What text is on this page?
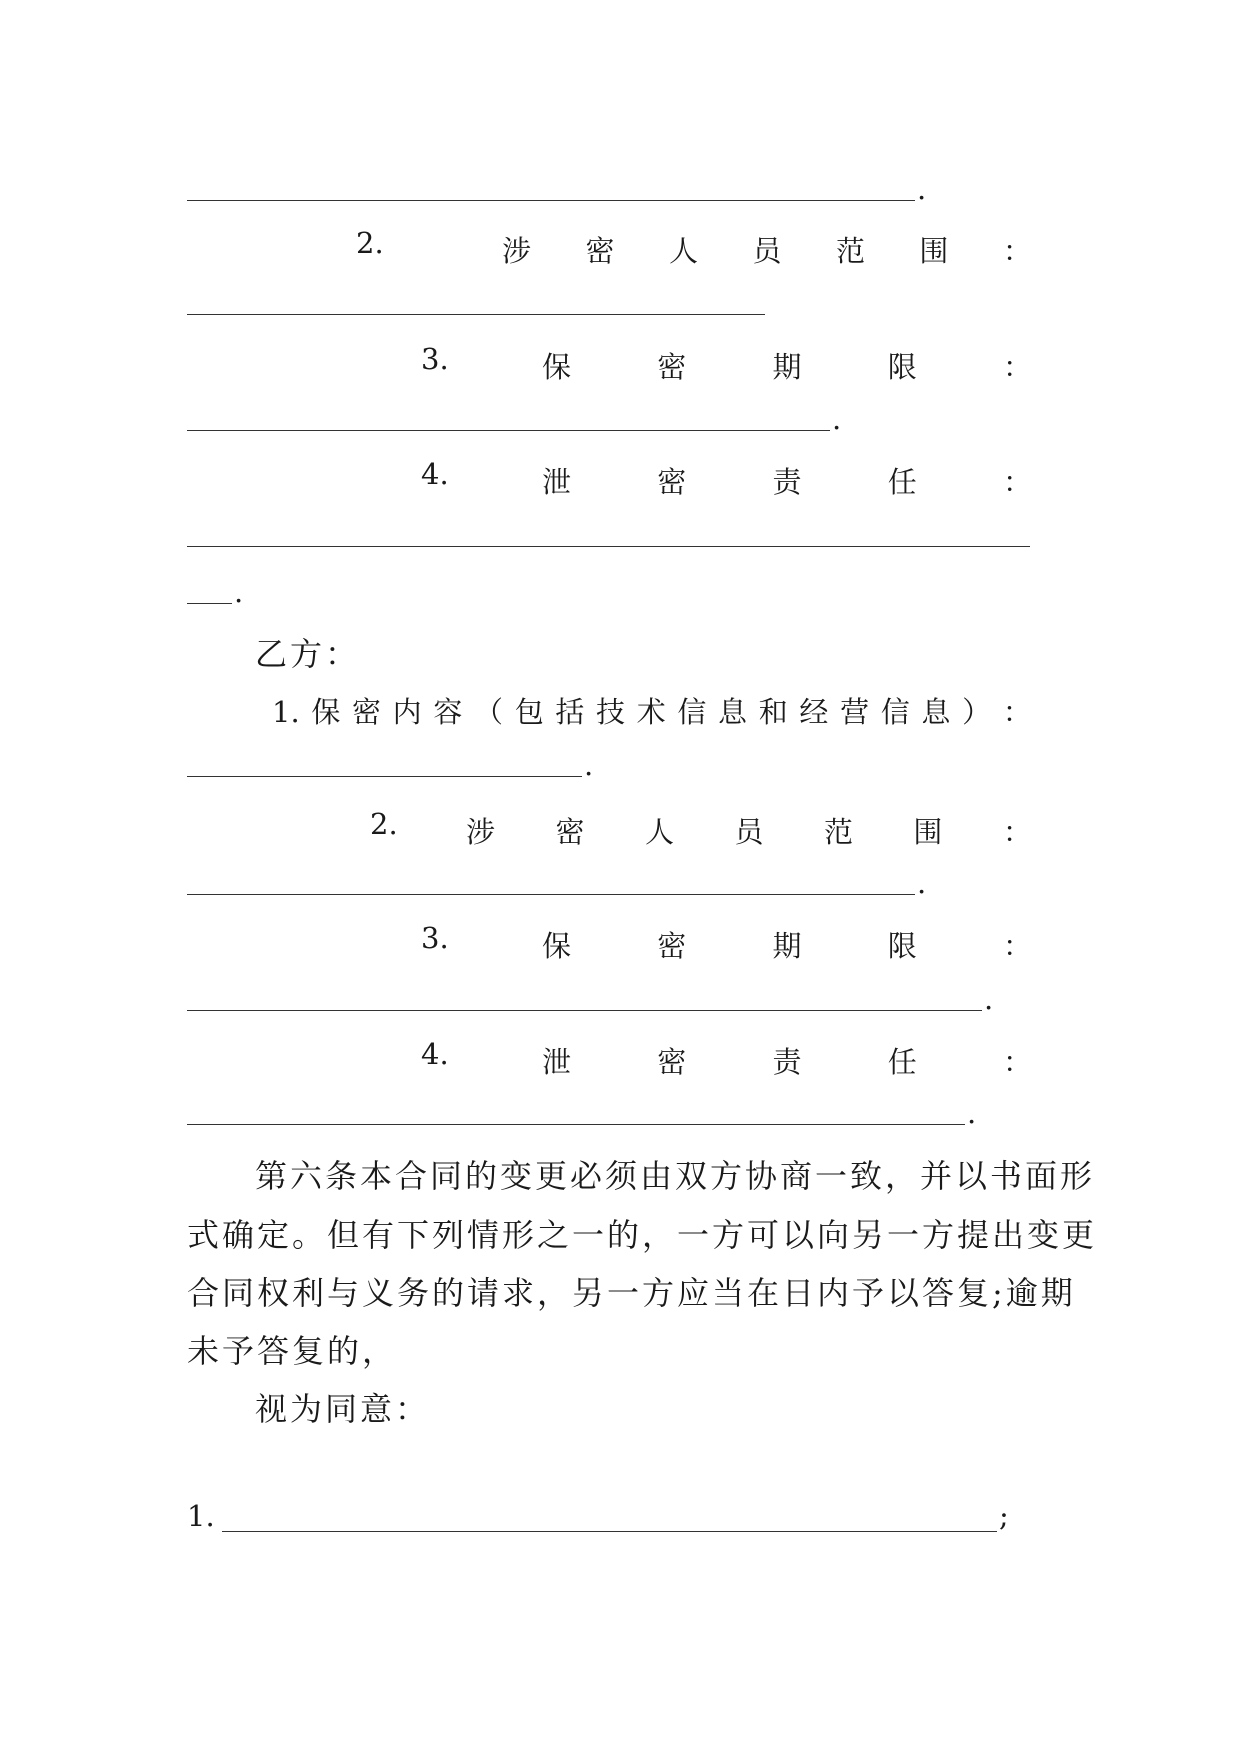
.
2.	涉 密 人 员 范 围 ：
3.	保	密	期	限	：
.
4.	泄	密	责	任	：
.
乙方：
1. 保 密 内 容 （ 包 括 技 术 信 息 和 经 营 信 息 ） ：
.
2. 涉 密 人 员 范 围 ：
.
3.	保	密	期	限	：
.
4.	泄	密	责	任	：
.
第六条本合同的变更必须由双方协商一致，并以书面形
式确定。但有下列情形之一的，一方可以向另一方提出变更
合同权利与义务的请求，另一方应当在日内予以答复;逾期
未予答复的，
视为同意：
1.	;
